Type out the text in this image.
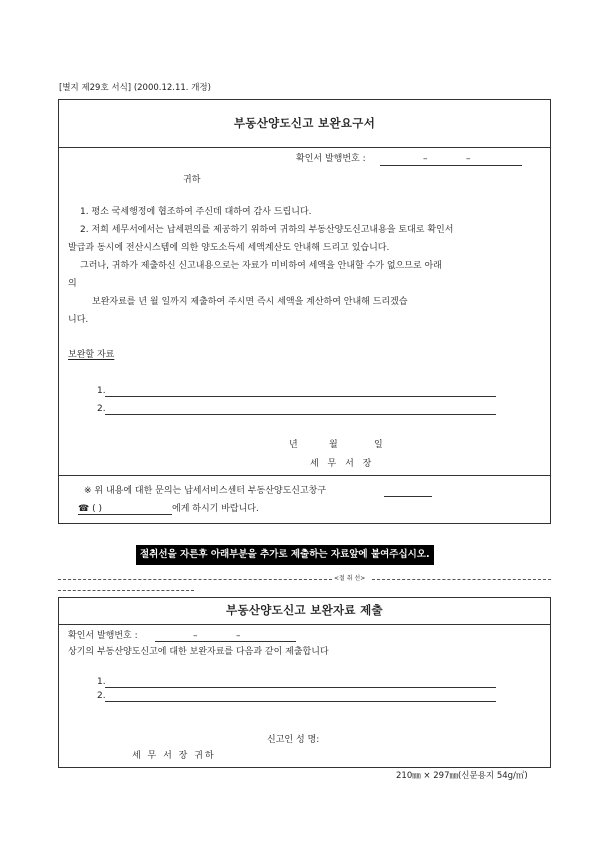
[별지 제29호 서식] (2000.12.11. 개정)
부동산양도신고 보완요구서
확인서 발행번호 :	–	–
귀하
1. 평소 국세행정에 협조하여 주신데 대하여 감사 드립니다.
2. 저희 세무서에서는 납세편의를 제공하기 위하여 귀하의 부동산양도신고내용을 토대로 확인서
발급과 동시에 전산시스템에 의한 양도소득세 세액계산도 안내해 드리고 있습니다.
그러나, 귀하가 제출하신 신고내용으로는 자료가 미비하여 세액을 안내할 수가 없으므로 아래
의
보완자료를 년 월 일까지 제출하여 주시면 즉시 세액을 계산하여 안내해 드리겠습
니다.
보완할 자료
1.
2.
년	월	일
세 무 서 장
※ 위 내용에 대한 문의는 납세서비스센터 부동산양도신고창구
☎ ( )	에게 하시기 바랍니다.
절취선을 자른후 아래부분을 추가로 제출하는 자료앞에 붙여주십시오.
<절 취 선>
부동산양도신고 보완자료 제출
확인서 발행번호 :	–	–
상기의 부동산양도신고에 대한 보완자료를 다음과 같이 제출합니다
1.
2.
신고인 성 명:
세 무 서 장 귀하
210㎜ × 297㎜(신문용지 54g/㎡)
